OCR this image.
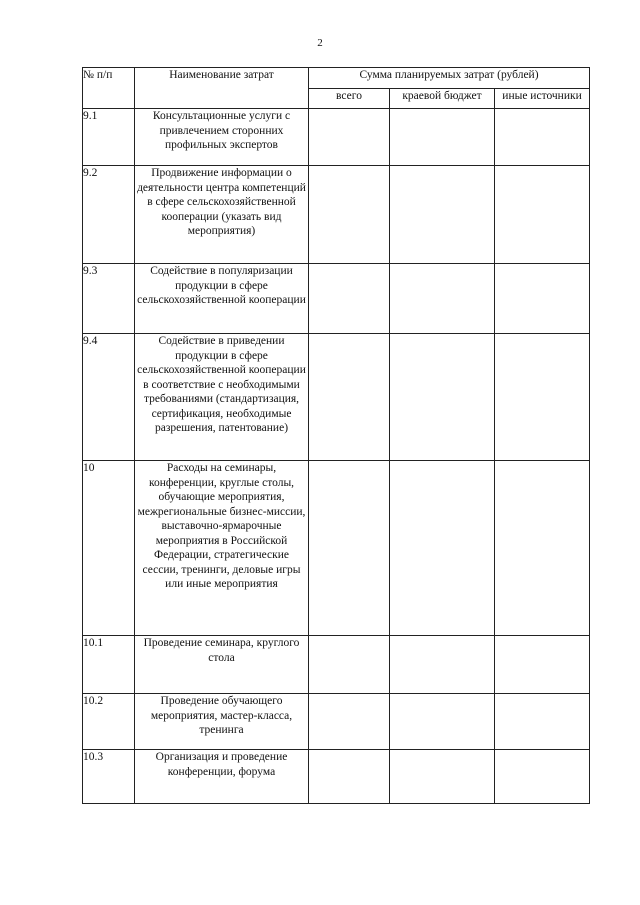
2
№ п/п	Наименование затрат	Сумма планируемых затрат (рублей)		
		всего	краевой бюджет	иные источники
9.1	Консультационные услуги с привлечением сторонних профильных экспертов			
9.2	Продвижение информации о деятельности центра компетенций в сфере сельскохозяйственной кооперации (указать вид мероприятия)			
9.3	Содействие в популяризации продукции в сфере сельскохозяйственной кооперации			
9.4	Содействие в приведении продукции в сфере сельскохозяйственной кооперации в соответствие с необходимыми требованиями (стандартизация, сертификация, необходимые разрешения, патентование)			
10	Расходы на семинары, конференции, круглые столы, обучающие мероприятия, межрегиональные бизнес-миссии, выставочно-ярмарочные мероприятия в Российской Федерации, стратегические сессии, тренинги, деловые игры или иные мероприятия			
10.1	Проведение семинара, круглого стола			
10.2	Проведение обучающего мероприятия, мастер-класса, тренинга			
10.3	Организация и проведение конференции, форума			
